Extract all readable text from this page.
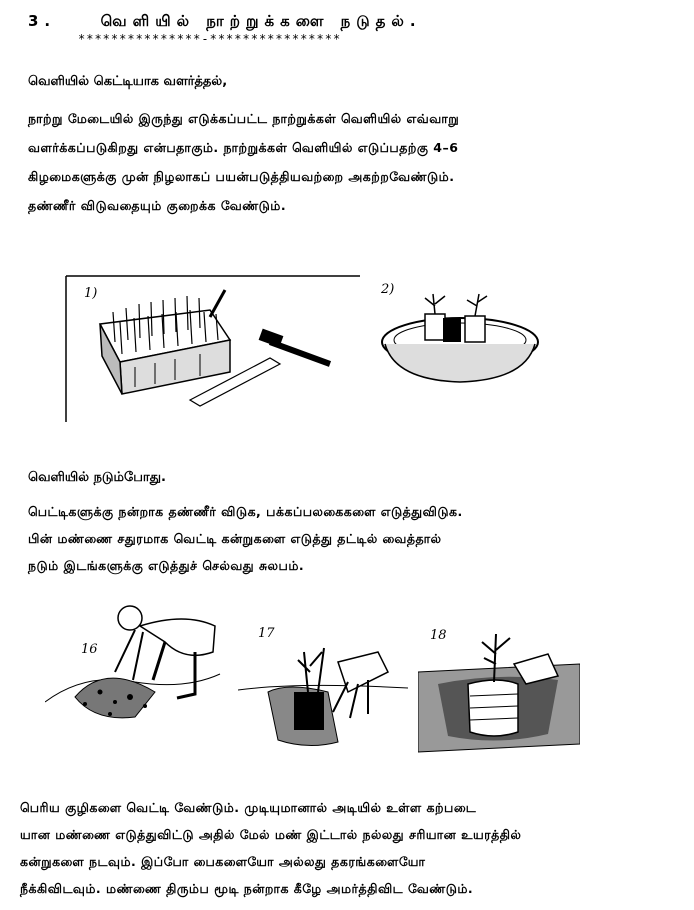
3.	வெளியில் நாற்றுக்களை நடுதல்.
***************-****************
வெளியில் கெட்டியாக வளர்த்தல்,
நாற்று மேடையில் இருந்து எடுக்கப்பட்ட நாற்றுக்கள் வெளியில் எவ்வாறு
வளர்க்கப்படுகிறது என்பதாகும். நாற்றுக்கள் வெளியில் எடுப்பதற்கு 4–6
கிழமைகளுக்கு முன் நிழலாகப் பயன்படுத்தியவற்றை அகற்றவேண்டும்.
தண்ணீர் விடுவதையும் குறைக்க வேண்டும்.
1)	2)
வெளியில் நடும்போது.
பெட்டிகளுக்கு நன்றாக தண்ணீர் விடுக, பக்கப்பலகைகளை எடுத்துவிடுக.
பின் மண்ணை சதுரமாக வெட்டி கன்றுகளை எடுத்து தட்டில் வைத்தால்
நடும் இடங்களுக்கு எடுத்துச் செல்வது சுலபம்.
16
17	18
பெரிய குழிகளை வெட்டி வேண்டும். முடியுமானால் அடியில் உள்ள கற்படை
யான மண்ணை எடுத்துவிட்டு அதில் மேல் மண் இட்டால் நல்லது சரியான உயரத்தில்
கன்றுகளை நடவும். இப்போ பைகளையோ அல்லது தகரங்களையோ
நீக்கிவிடவும். மண்ணை திரும்ப மூடி நன்றாக கீழே அமர்த்திவிட வேண்டும்.
